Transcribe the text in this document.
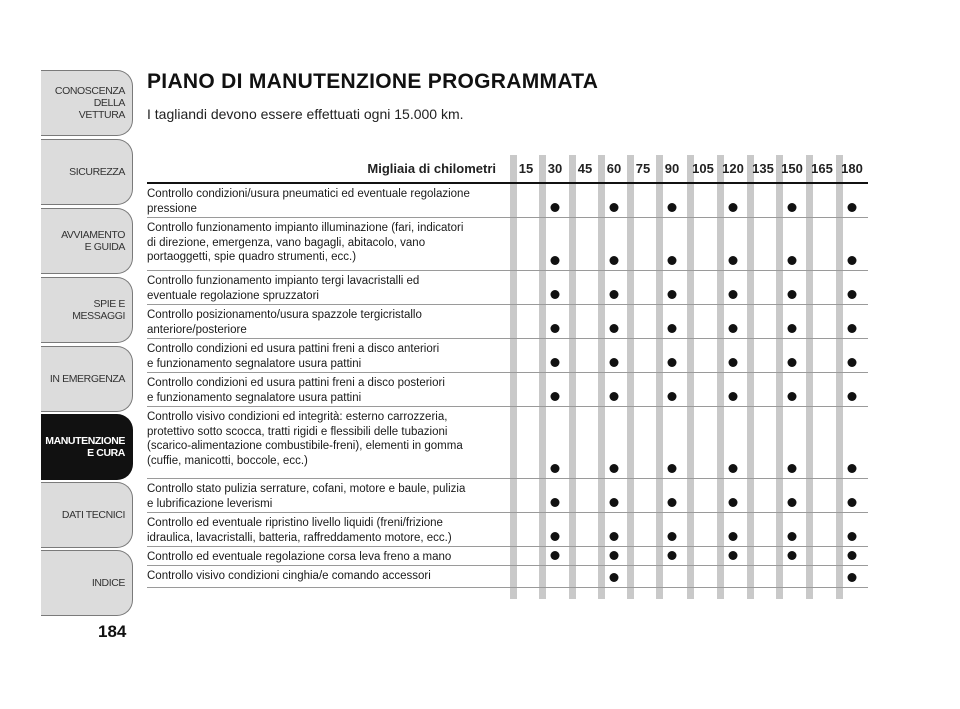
CONOSCENZA
DELLA
VETTURA
SICUREZZA
AVVIAMENTO
E GUIDA
SPIE E
MESSAGGI
IN EMERGENZA
MANUTENZIONE
E CURA
DATI TECNICI
INDICE
184
PIANO DI MANUTENZIONE PROGRAMMATA

I tagliandi devono essere effettuati ogni 15.000 km.

Migliaia di chilometri 15 30 45 60 75 90 105 120 135 150 165 180
Controllo condizioni/usura pneumatici ed eventuale regolazione
pressione
Controllo funzionamento impianto illuminazione (fari, indicatori
di direzione, emergenza, vano bagagli, abitacolo, vano
portaoggetti, spie quadro strumenti, ecc.)
Controllo funzionamento impianto tergi lavacristalli ed
eventuale regolazione spruzzatori
Controllo posizionamento/usura spazzole tergicristallo
anteriore/posteriore
Controllo condizioni ed usura pattini freni a disco anteriori
e funzionamento segnalatore usura pattini
Controllo condizioni ed usura pattini freni a disco posteriori
e funzionamento segnalatore usura pattini
Controllo visivo condizioni ed integrità: esterno carrozzeria,
protettivo sotto scocca, tratti rigidi e flessibili delle tubazioni
(scarico-alimentazione combustibile-freni), elementi in gomma
(cuffie, manicotti, boccole, ecc.)
Controllo stato pulizia serrature, cofani, motore e baule, pulizia
e lubrificazione leverismi
Controllo ed eventuale ripristino livello liquidi (freni/frizione
idraulica, lavacristalli, batteria, raffreddamento motore, ecc.)
Controllo ed eventuale regolazione corsa leva freno a mano
Controllo visivo condizioni cinghia/e comando accessori
